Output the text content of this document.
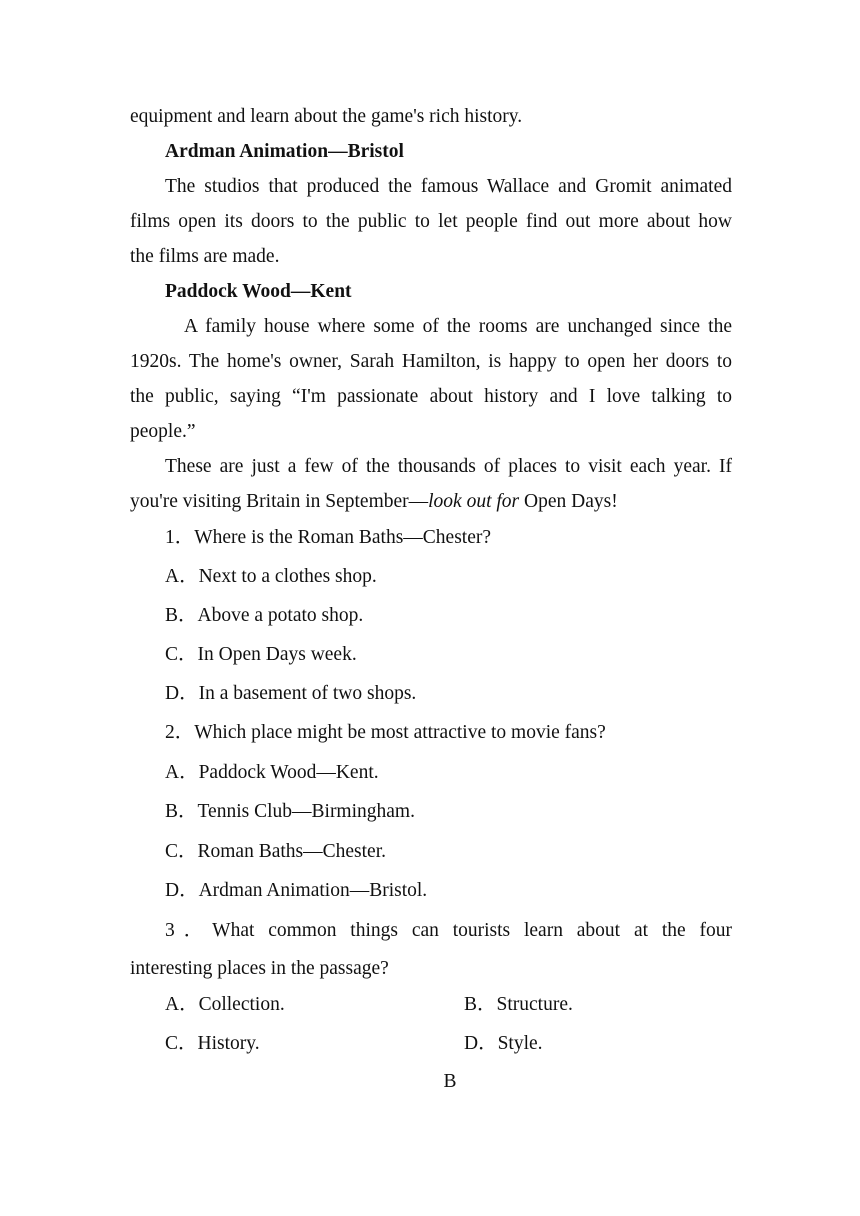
equipment and learn about the game's rich history.
Ardman Animation—Bristol
The studios that produced the famous Wallace and Gromit animated
films open its doors to the public to let people find out more about how
the films are made.
Paddock Wood—Kent
A family house where some of the rooms are unchanged since the
1920s. The home's owner, Sarah Hamilton, is happy to open her doors to
the public, saying “I'm passionate about history and I love talking to
people.”
These are just a few of the thousands of places to visit each year. If
you're visiting Britain in September—look out for Open Days!
1．Where is the Roman Baths—Chester?
A．Next to a clothes shop.
B．Above a potato shop.
C．In Open Days week.
D．In a basement of two shops.
2．Which place might be most attractive to movie fans?
A．Paddock Wood—Kent.
B．Tennis Club—Birmingham.
C．Roman Baths—Chester.
D．Ardman Animation—Bristol.
3．What common things can tourists learn about at the four
interesting places in the passage?
A．Collection.	B．Structure.
C．History.	D．Style.
B
